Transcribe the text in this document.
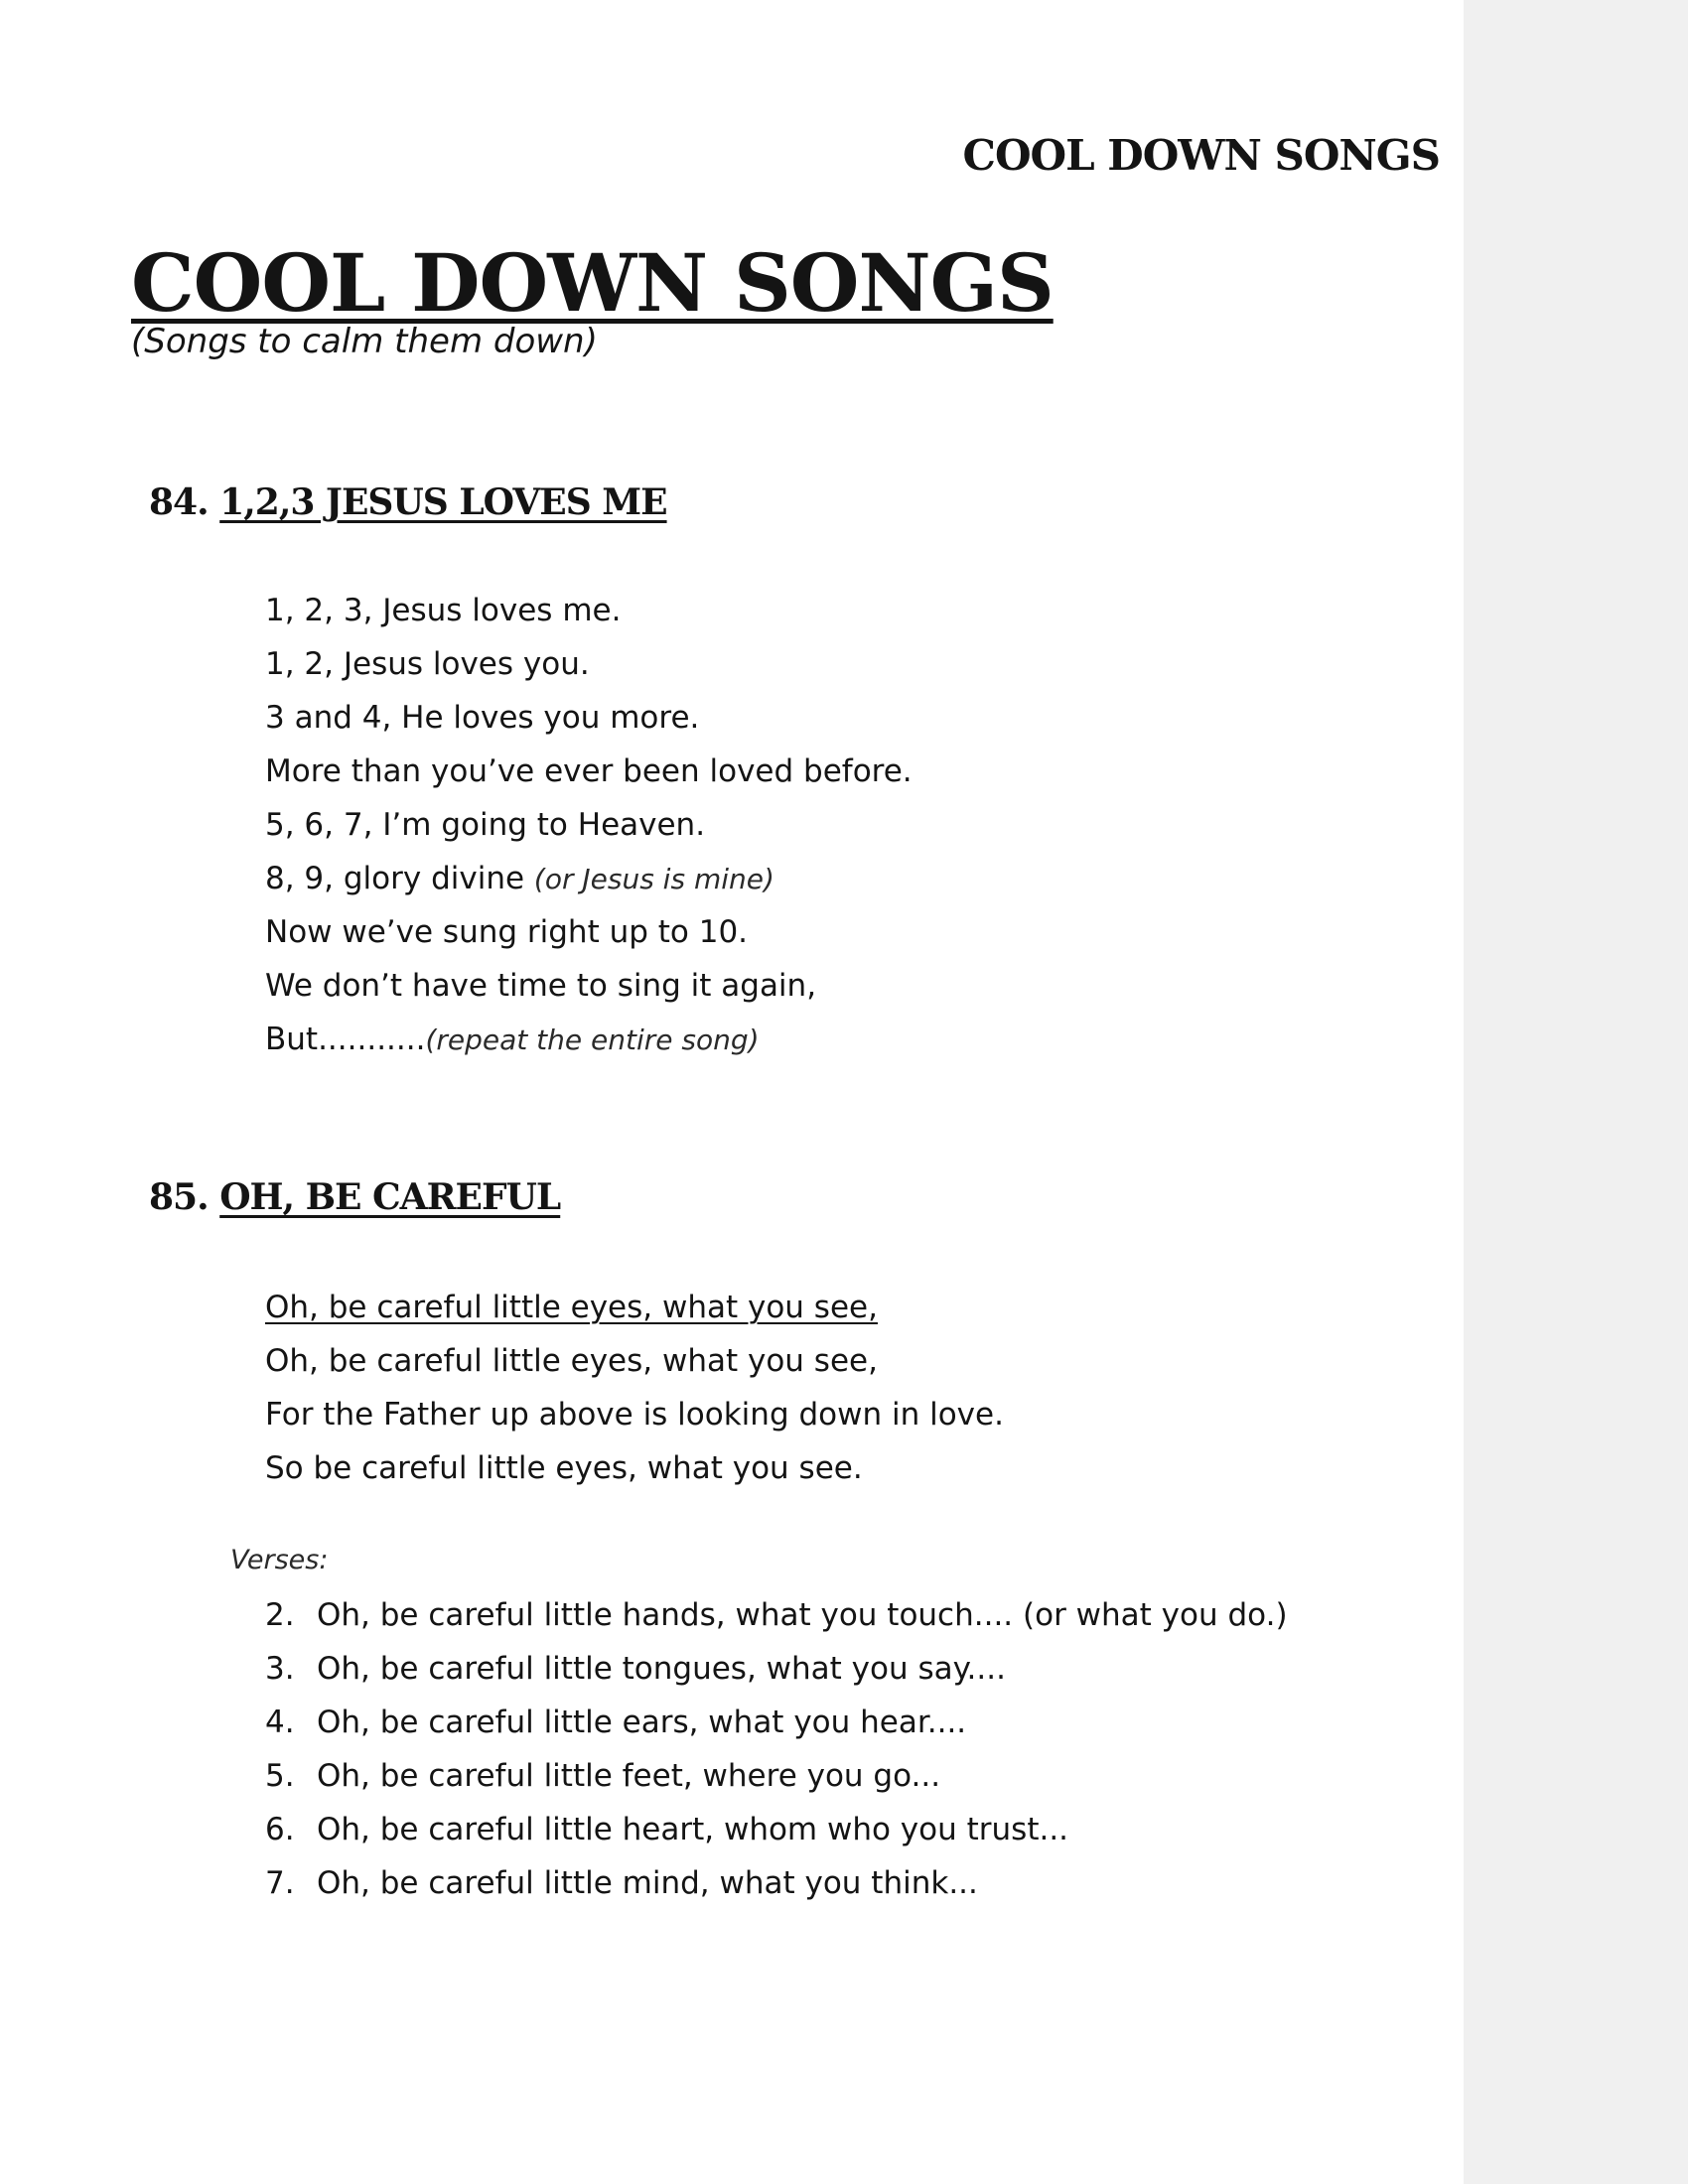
COOL DOWN SONGS
COOL DOWN SONGS
(Songs to calm them down)
84. 1,2,3 JESUS LOVES ME
1, 2, 3, Jesus loves me.
1, 2, Jesus loves you.
3 and 4, He loves you more.
More than you’ve ever been loved before.
5, 6, 7, I’m going to Heaven.
8, 9, glory divine (or Jesus is mine)
Now we’ve sung right up to 10.
We don’t have time to sing it again,
But...........(repeat the entire song)
85. OH, BE CAREFUL
Oh, be careful little eyes, what you see,
Oh, be careful little eyes, what you see,
For the Father up above is looking down in love.
So be careful little eyes, what you see.
Verses:
2. Oh, be careful little hands, what you touch.... (or what you do.)
3. Oh, be careful little tongues, what you say....
4. Oh, be careful little ears, what you hear....
5. Oh, be careful little feet, where you go...
6. Oh, be careful little heart, whom who you trust...
7. Oh, be careful little mind, what you think...
